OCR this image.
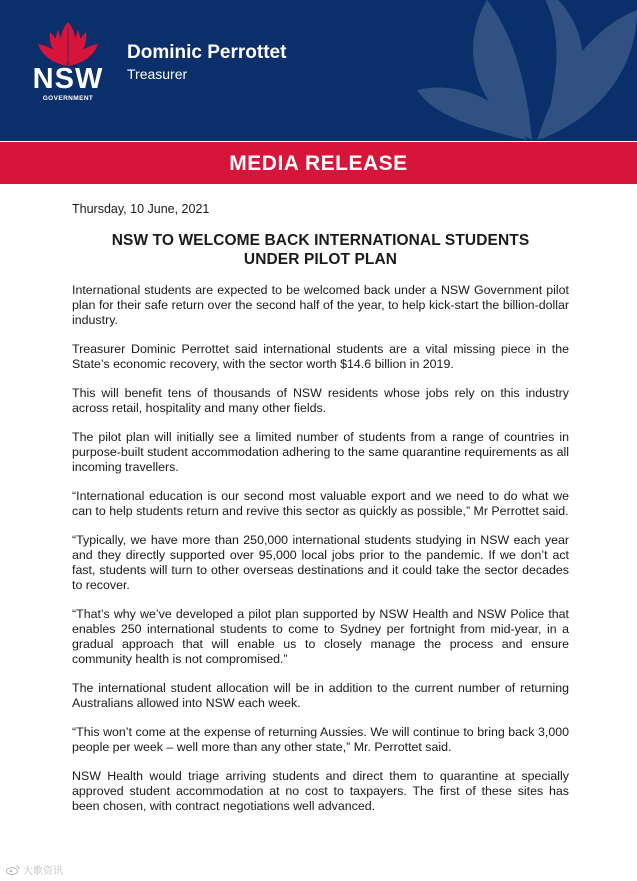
NSW
GOVERNMENT
Dominic Perrottet
Treasurer
MEDIA RELEASE

Thursday, 10 June, 2021

NSW TO WELCOME BACK INTERNATIONAL STUDENTS
UNDER PILOT PLAN

International students are expected to be welcomed back under a NSW Government pilot plan for their safe return over the second half of the year, to help kick-start the billion-dollar industry.

Treasurer Dominic Perrottet said international students are a vital missing piece in the State’s economic recovery, with the sector worth $14.6 billion in 2019.

This will benefit tens of thousands of NSW residents whose jobs rely on this industry across retail, hospitality and many other fields.

The pilot plan will initially see a limited number of students from a range of countries in purpose-built student accommodation adhering to the same quarantine requirements as all incoming travellers.

“International education is our second most valuable export and we need to do what we can to help students return and revive this sector as quickly as possible,” Mr Perrottet said.

“Typically, we have more than 250,000 international students studying in NSW each year and they directly supported over 95,000 local jobs prior to the pandemic. If we don’t act fast, students will turn to other overseas destinations and it could take the sector decades to recover.

“That’s why we’ve developed a pilot plan supported by NSW Health and NSW Police that enables 250 international students to come to Sydney per fortnight from mid-year, in a gradual approach that will enable us to closely manage the process and ensure community health is not compromised.”

The international student allocation will be in addition to the current number of returning Australians allowed into NSW each week.

“This won’t come at the expense of returning Aussies. We will continue to bring back 3,000 people per week – well more than any other state,” Mr. Perrottet said.

NSW Health would triage arriving students and direct them to quarantine at specially approved student accommodation at no cost to taxpayers. The first of these sites has been chosen, with contract negotiations well advanced.

大歌资讯
